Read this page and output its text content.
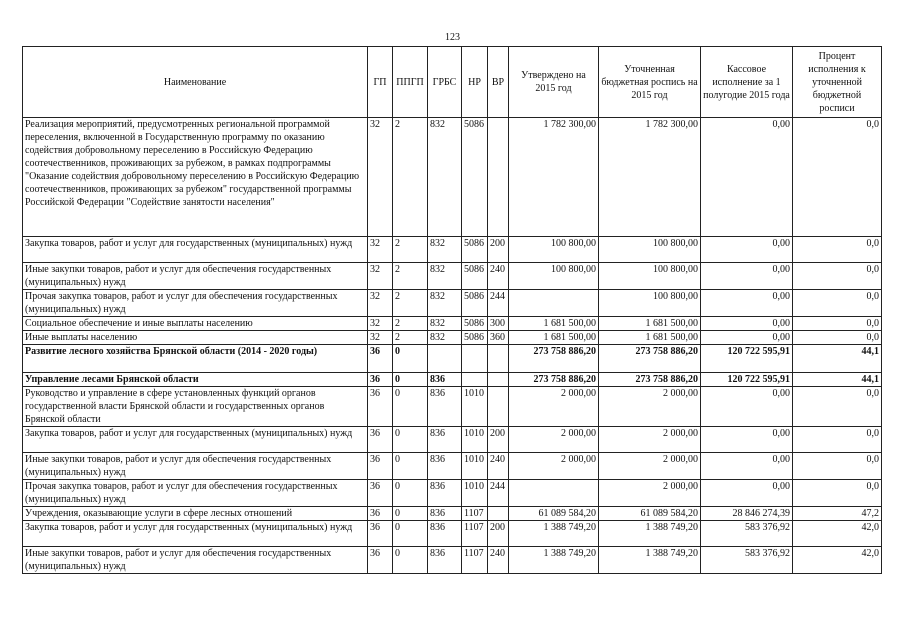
123
Наименование	ГП	ППГП	ГРБС	НР	ВР	Утверждено на 2015 год	Уточненная бюджетная роспись на 2015 год	Кассовое исполнение за 1 полугодие 2015 года	Процент исполнения к уточненной бюджетной росписи
Реализация мероприятий, предусмотренных региональной программой переселения, включенной в Государственную программу по оказанию содействия добровольному переселению в Российскую Федерацию соотечественников, проживающих за рубежом, в рамках подпрограммы "Оказание содействия добровольному переселению в Российскую Федерацию соотечественников, проживающих за рубежом" государственной программы Российской Федерации "Содействие занятости населения"	32	2	832	5086		1 782 300,00	1 782 300,00	0,00	0,0
Закупка товаров, работ и услуг для государственных (муниципальных) нужд	32	2	832	5086	200	100 800,00	100 800,00	0,00	0,0
Иные закупки товаров, работ и услуг для обеспечения государственных (муниципальных) нужд	32	2	832	5086	240	100 800,00	100 800,00	0,00	0,0
Прочая закупка товаров, работ и услуг для обеспечения государственных (муниципальных) нужд	32	2	832	5086	244		100 800,00	0,00	0,0
Социальное обеспечение и иные выплаты населению	32	2	832	5086	300	1 681 500,00	1 681 500,00	0,00	0,0
Иные выплаты населению	32	2	832	5086	360	1 681 500,00	1 681 500,00	0,00	0,0
Развитие лесного хозяйства Брянской области (2014 - 2020 годы)	36	0				273 758 886,20	273 758 886,20	120 722 595,91	44,1
Управление лесами Брянской области	36	0	836			273 758 886,20	273 758 886,20	120 722 595,91	44,1
Руководство и управление в сфере установленных функций органов государственной власти Брянской области и государственных органов Брянской области	36	0	836	1010		2 000,00	2 000,00	0,00	0,0
Закупка товаров, работ и услуг для государственных (муниципальных) нужд	36	0	836	1010	200	2 000,00	2 000,00	0,00	0,0
Иные закупки товаров, работ и услуг для обеспечения государственных (муниципальных) нужд	36	0	836	1010	240	2 000,00	2 000,00	0,00	0,0
Прочая закупка товаров, работ и услуг для обеспечения государственных (муниципальных) нужд	36	0	836	1010	244		2 000,00	0,00	0,0
Учреждения, оказывающие услуги в сфере лесных отношений	36	0	836	1107		61 089 584,20	61 089 584,20	28 846 274,39	47,2
Закупка товаров, работ и услуг для государственных (муниципальных) нужд	36	0	836	1107	200	1 388 749,20	1 388 749,20	583 376,92	42,0
Иные закупки товаров, работ и услуг для обеспечения государственных (муниципальных) нужд	36	0	836	1107	240	1 388 749,20	1 388 749,20	583 376,92	42,0
